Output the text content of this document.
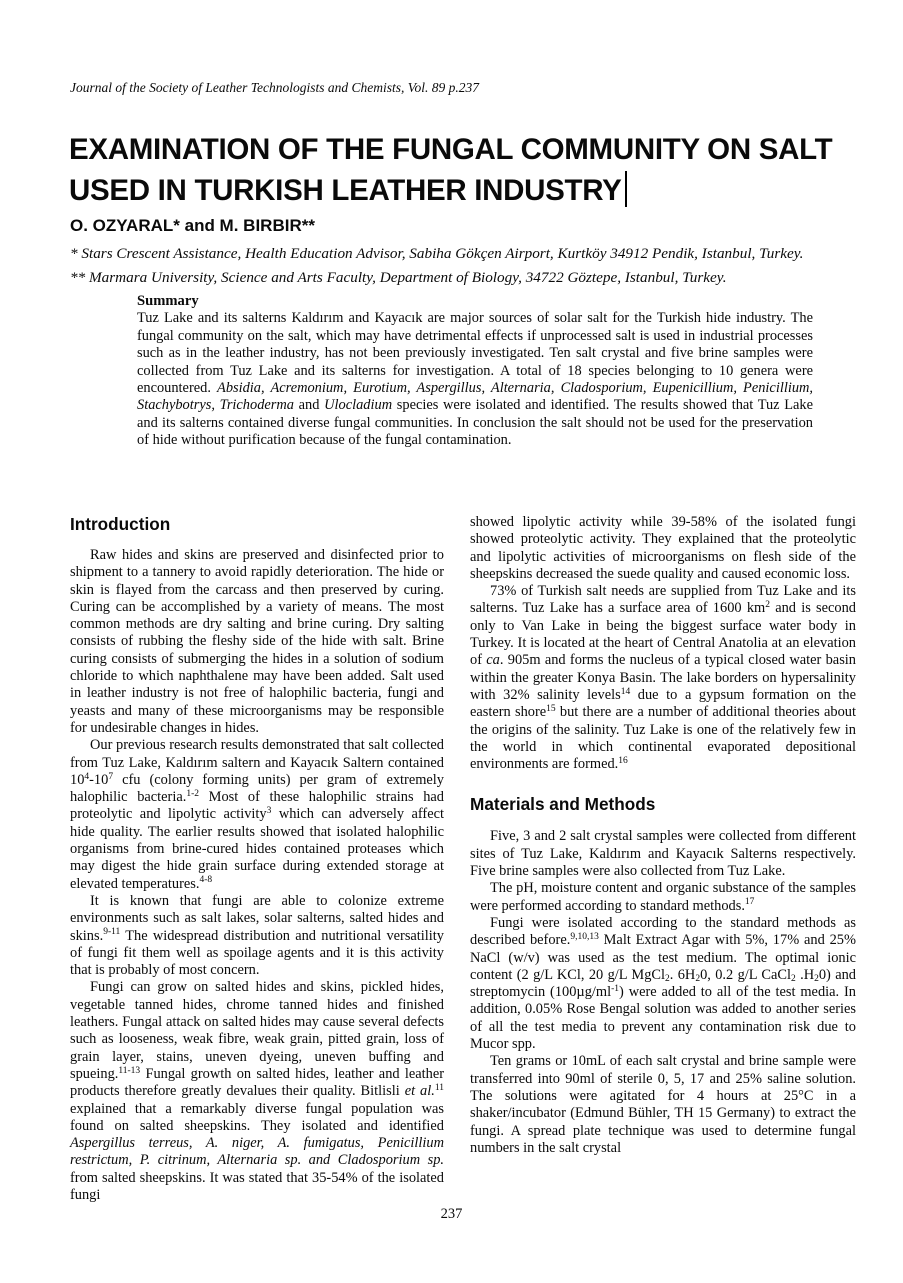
Journal of the Society of Leather Technologists and Chemists, Vol. 89 p.237
EXAMINATION OF THE FUNGAL COMMUNITY ON SALT
USED IN TURKISH LEATHER INDUSTRY
O. OZYARAL* and M. BIRBIR**
* Stars Crescent Assistance, Health Education Advisor, Sabiha Gökçen Airport, Kurtköy 34912 Pendik, Istanbul, Turkey.
** Marmara University, Science and Arts Faculty, Department of Biology, 34722 Göztepe, Istanbul, Turkey.
Summary
Tuz Lake and its salterns Kaldırım and Kayacık are major sources of solar salt for the Turkish hide industry. The fungal community on the salt, which may have detrimental effects if unprocessed salt is used in industrial processes such as in the leather industry, has not been previously investigated. Ten salt crystal and five brine samples were collected from Tuz Lake and its salterns for investigation. A total of 18 species belonging to 10 genera were encountered. Absidia, Acremonium, Eurotium, Aspergillus, Alternaria, Cladosporium, Eupenicillium, Penicillium, Stachybotrys, Trichoderma and Ulocladium species were isolated and identified. The results showed that Tuz Lake and its salterns contained diverse fungal communities. In conclusion the salt should not be used for the preservation of hide without purification because of the fungal contamination.
Introduction

Raw hides and skins are preserved and disinfected prior to shipment to a tannery to avoid rapidly deterioration. The hide or skin is flayed from the carcass and then preserved by curing. Curing can be accomplished by a variety of means. The most common methods are dry salting and brine curing. Dry salting consists of rubbing the fleshy side of the hide with salt. Brine curing consists of submerging the hides in a solution of sodium chloride to which naphthalene may have been added. Salt used in leather industry is not free of halophilic bacteria, fungi and yeasts and many of these microorganisms may be responsible for undesirable changes in hides.

Our previous research results demonstrated that salt collected from Tuz Lake, Kaldırım saltern and Kayacık Saltern contained $10^4-10^7$ cfu (colony forming units) per gram of extremely halophilic bacteria.$^{1-2}$ Most of these halophilic strains had proteolytic and lipolytic activity$^3$ which can adversely affect hide quality. The earlier results showed that isolated halophilic organisms from brine-cured hides contained proteases which may digest the hide grain surface during extended storage at elevated temperatures.$^{4-8}$

It is known that fungi are able to colonize extreme environments such as salt lakes, solar salterns, salted hides and skins.$^{9-11}$ The widespread distribution and nutritional versatility of fungi fit them well as spoilage agents and it is this activity that is probably of most concern.

Fungi can grow on salted hides and skins, pickled hides, vegetable tanned hides, chrome tanned hides and finished leathers. Fungal attack on salted hides may cause several defects such as looseness, weak fibre, weak grain, pitted grain, loss of grain layer, stains, uneven dyeing, uneven buffing and spueing.$^{11-13}$ Fungal growth on salted hides, leather and leather products therefore greatly devalues their quality. Bitlisli et al.$^{11}$ explained that a remarkably diverse fungal population was found on salted sheepskins. They isolated and identified Aspergillus terreus, A. niger, A. fumigatus, Penicillium restrictum, P. citrinum, Alternaria sp. and Cladosporium sp. from salted sheepskins. It was stated that 35-54% of the isolated fungi

showed lipolytic activity while 39-58% of the isolated fungi showed proteolytic activity. They explained that the proteolytic and lipolytic activities of microorganisms on flesh side of the sheepskins decreased the suede quality and caused economic loss.

73% of Turkish salt needs are supplied from Tuz Lake and its salterns. Tuz Lake has a surface area of 1600 $km^2$ and is second only to Van Lake in being the biggest surface water body in Turkey. It is located at the heart of Central Anatolia at an elevation of ca. 905m and forms the nucleus of a typical closed water basin within the greater Konya Basin. The lake borders on hypersalinity with 32% salinity levels$^{14}$ due to a gypsum formation on the eastern shore$^{15}$ but there are a number of additional theories about the origins of the salinity. Tuz Lake is one of the relatively few in the world in which continental evaporated depositional environments are formed.$^{16}$

Materials and Methods

Five, 3 and 2 salt crystal samples were collected from different sites of Tuz Lake, Kaldırım and Kayacık Salterns respectively. Five brine samples were also collected from Tuz Lake.

The pH, moisture content and organic substance of the samples were performed according to standard methods.$^{17}$

Fungi were isolated according to the standard methods as described before.$^{9,10,13}$ Malt Extract Agar with 5%, 17% and 25% NaCl (w/v) was used as the test medium. The optimal ionic content (2 g/L KCl, 20 g/L MgCl$_2$. $6H_20$, 0.2 g/L CaCl$_2$ $.H_20$) and streptomycin $(100\mu g/ml^{-1})$ were added to all of the test media. In addition, 0.05% Rose Bengal solution was added to another series of all the test media to prevent any contamination risk due to Mucor spp.

Ten grams or 10mL of each salt crystal and brine sample were transferred into 90ml of sterile 0, 5, 17 and 25% saline solution. The solutions were agitated for 4 hours at 25°C in a shaker/incubator (Edmund Bühler, TH 15 Germany) to extract the fungi. A spread plate technique was used to determine fungal numbers in the salt crystal

237
